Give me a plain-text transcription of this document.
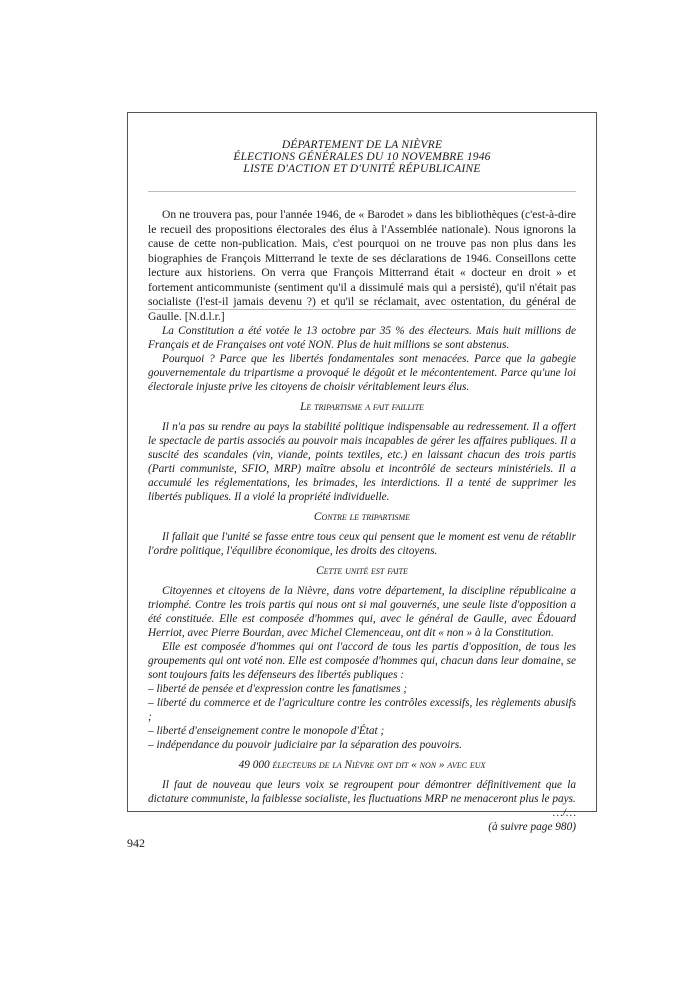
DÉPARTEMENT DE LA NIÈVRE
ÉLECTIONS GÉNÉRALES DU 10 NOVEMBRE 1946
LISTE D'ACTION ET D'UNITÉ RÉPUBLICAINE
On ne trouvera pas, pour l'année 1946, de « Barodet » dans les bibliothèques (c'est-à-dire le recueil des propositions électorales des élus à l'Assemblée nationale). Nous ignorons la cause de cette non-publication. Mais, c'est pourquoi on ne trouve pas non plus dans les biographies de François Mitterrand le texte de ses déclarations de 1946. Conseillons cette lecture aux historiens. On verra que François Mitterrand était « docteur en droit » et fortement anticommuniste (sentiment qu'il a dissimulé mais qui a persisté), qu'il n'était pas socialiste (l'est-il jamais devenu ?) et qu'il se réclamait, avec ostentation, du général de Gaulle. [N.d.l.r.]

La Constitution a été votée le 13 octobre par 35 % des électeurs. Mais huit millions de Français et de Françaises ont voté NON. Plus de huit millions se sont abstenus.

Pourquoi ? Parce que les libertés fondamentales sont menacées. Parce que la gabegie gouvernementale du tripartisme a provoqué le dégoût et le mécontentement. Parce qu'une loi électorale injuste prive les citoyens de choisir véritablement leurs élus.

Le tripartisme a fait faillite

Il n'a pas su rendre au pays la stabilité politique indispensable au redressement. Il a offert le spectacle de partis associés au pouvoir mais incapables de gérer les affaires publiques. Il a suscité des scandales (vin, viande, points textiles, etc.) en laissant chacun des trois partis (Parti communiste, SFIO, MRP) maître absolu et incontrôlé de secteurs ministériels. Il a accumulé les réglementations, les brimades, les interdictions. Il a tenté de supprimer les libertés publiques. Il a violé la propriété individuelle.

Contre le tripartisme

Il fallait que l'unité se fasse entre tous ceux qui pensent que le moment est venu de rétablir l'ordre politique, l'équilibre économique, les droits des citoyens.

Cette unité est faite

Citoyennes et citoyens de la Nièvre, dans votre département, la discipline républicaine a triomphé. Contre les trois partis qui nous ont si mal gouvernés, une seule liste d'opposition a été constituée. Elle est composée d'hommes qui, avec le général de Gaulle, avec Édouard Herriot, avec Pierre Bourdan, avec Michel Clemenceau, ont dit « non » à la Constitution.

Elle est composée d'hommes qui ont l'accord de tous les partis d'opposition, de tous les groupements qui ont voté non. Elle est composée d'hommes qui, chacun dans leur domaine, se sont toujours faits les défenseurs des libertés publiques :

– liberté de pensée et d'expression contre les fanatismes ;

– liberté du commerce et de l'agriculture contre les contrôles excessifs, les règlements abusifs ;

– liberté d'enseignement contre le monopole d'État ;

– indépendance du pouvoir judiciaire par la séparation des pouvoirs.

49 000 électeurs de la Nièvre ont dit « non » avec eux

Il faut de nouveau que leurs voix se regroupent pour démontrer définitivement que la dictature communiste, la faiblesse socialiste, les fluctuations MRP ne menaceront plus le pays.

…/…

(à suivre page 980)

942
